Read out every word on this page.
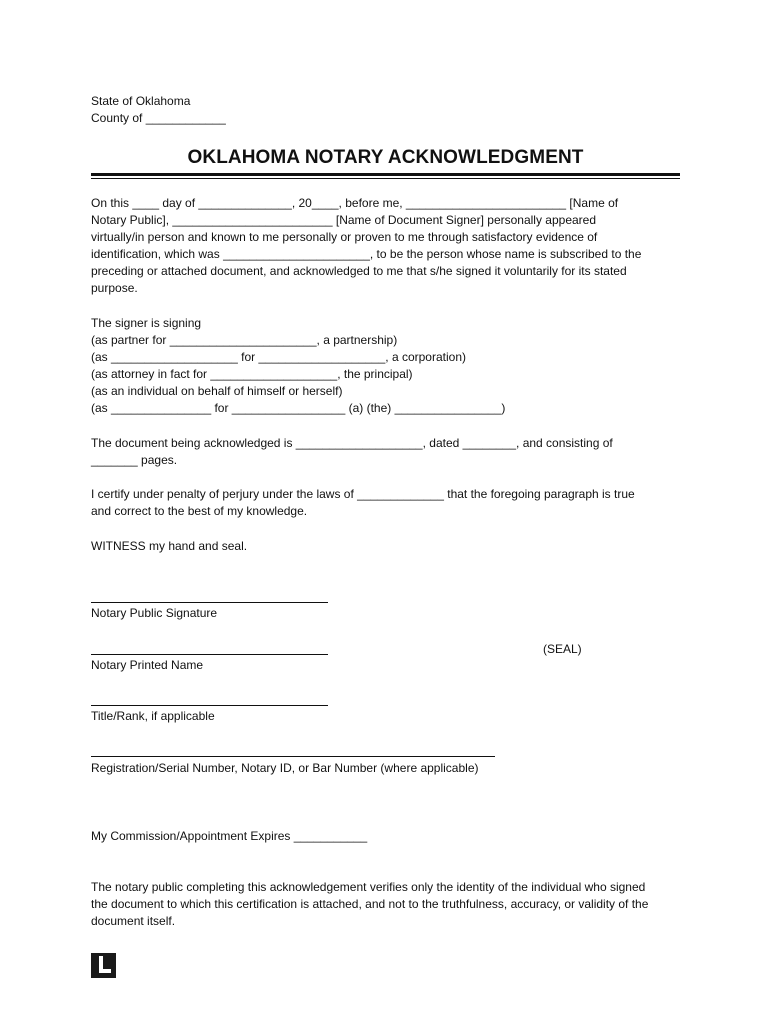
State of Oklahoma
County of ____________
OKLAHOMA NOTARY ACKNOWLEDGMENT
On this ____ day of ______________, 20____, before me, ________________________ [Name of
Notary Public], ________________________ [Name of Document Signer] personally appeared
virtually/in person and known to me personally or proven to me through satisfactory evidence of
identification, which was ______________________, to be the person whose name is subscribed to the
preceding or attached document, and acknowledged to me that s/he signed it voluntarily for its stated
purpose.
The signer is signing
(as partner for ______________________, a partnership)
(as ___________________ for ___________________, a corporation)
(as attorney in fact for ___________________, the principal)
(as an individual on behalf of himself or herself)
(as _______________ for _________________ (a) (the) ________________)
The document being acknowledged is ___________________, dated ________, and consisting of
_______ pages.
I certify under penalty of perjury under the laws of _____________ that the foregoing paragraph is true
and correct to the best of my knowledge.
WITNESS my hand and seal.
Notary Public Signature
Notary Printed Name
(SEAL)
Title/Rank, if applicable
Registration/Serial Number, Notary ID, or Bar Number (where applicable)
My Commission/Appointment Expires ___________
The notary public completing this acknowledgement verifies only the identity of the individual who signed
the document to which this certification is attached, and not to the truthfulness, accuracy, or validity of the
document itself.
